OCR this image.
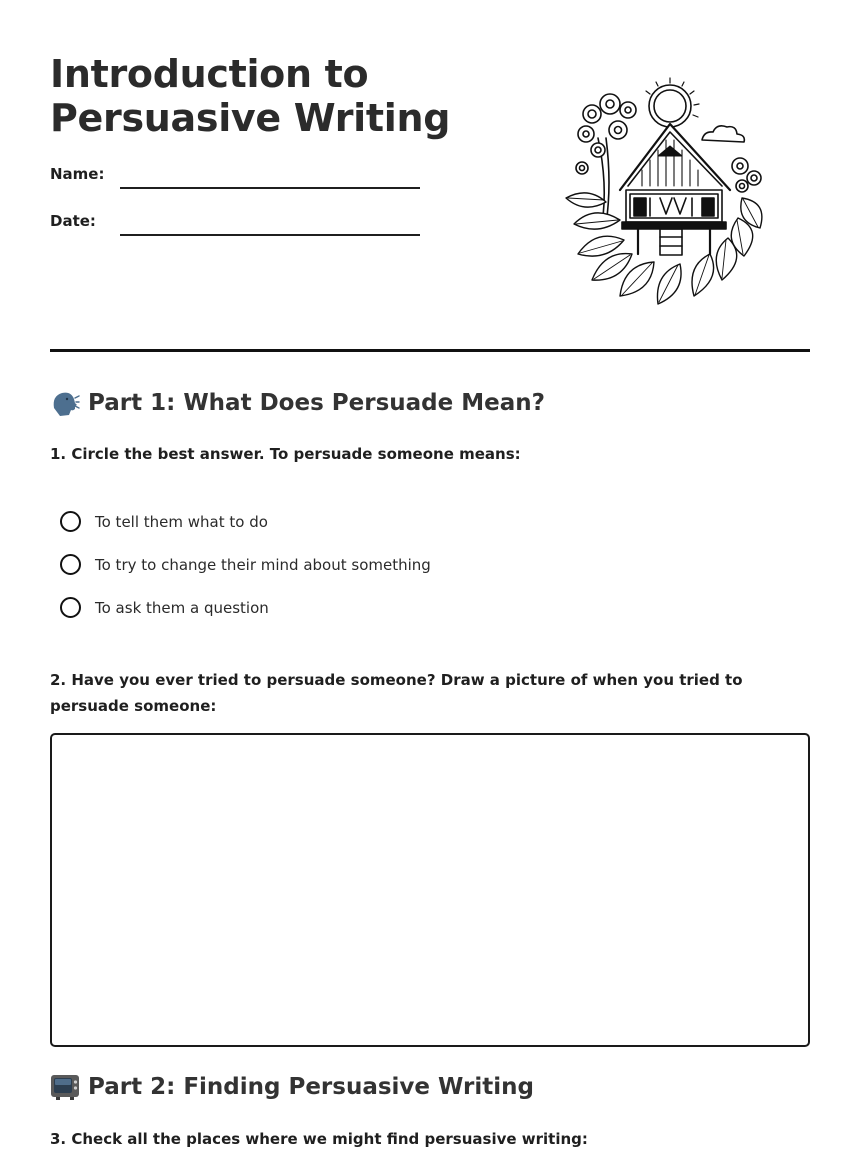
Introduction to
Persuasive Writing
Name:
Date:
Part 1: What Does Persuade Mean?

1. Circle the best answer. To persuade someone means:

To tell them what to do
To try to change their mind about something
To ask them a question

2. Have you ever tried to persuade someone? Draw a picture of when you tried to persuade someone:

Part 2: Finding Persuasive Writing

3. Check all the places where we might find persuasive writing:
